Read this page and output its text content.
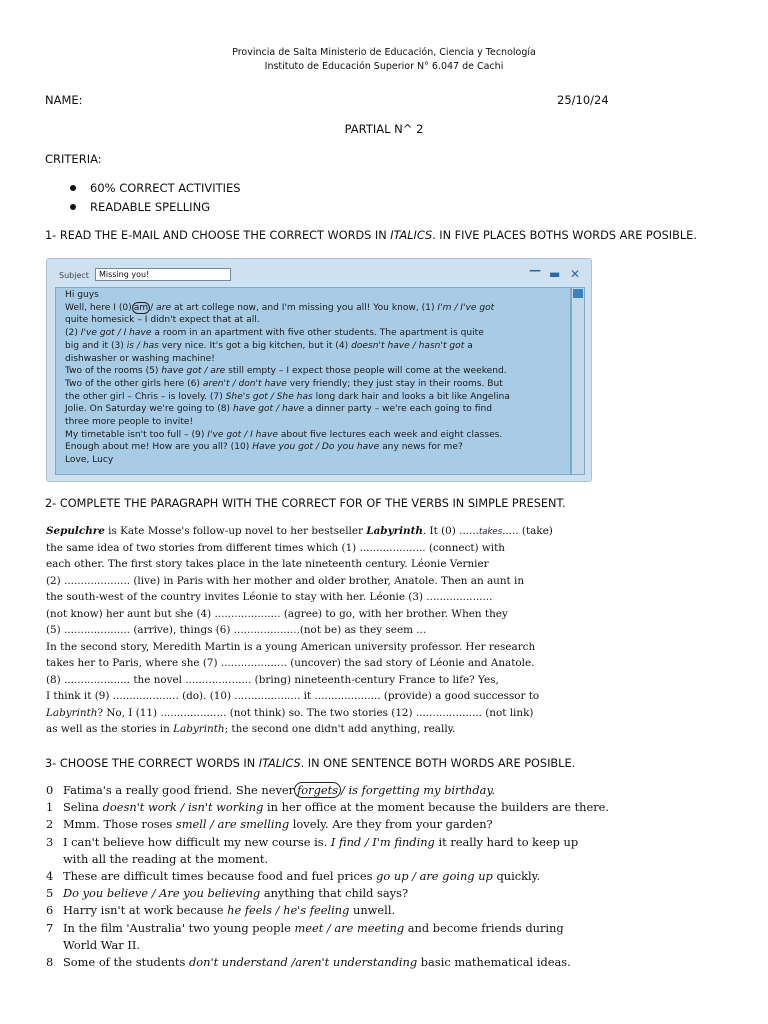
Provincia de Salta Ministerio de Educación, Ciencia y Tecnología
Instituto de Educación Superior N° 6.047 de Cachi
NAME:	25/10/24
PARTIAL N^ 2
CRITERIA:
60% CORRECT ACTIVITIES
READABLE SPELLING
1- READ THE E-MAIL AND CHOOSE THE CORRECT WORDS IN ITALICS. IN FIVE PLACES BOTHS WORDS ARE POSIBLE.
Subject	Missing you!	— ▬ ✕
Hi guys
Well, here I (0) am / are at art college now, and I'm missing you all! You know, (1) I'm / I've got
quite homesick – I didn't expect that at all.
(2) I've got / I have a room in an apartment with five other students. The apartment is quite
big and it (3) is / has very nice. It's got a big kitchen, but it (4) doesn't have / hasn't got a
dishwasher or washing machine!
Two of the rooms (5) have got / are still empty – I expect those people will come at the weekend.
Two of the other girls here (6) aren't / don't have very friendly; they just stay in their rooms. But
the other girl – Chris – is lovely. (7) She's got / She has long dark hair and looks a bit like Angelina
Jolie. On Saturday we're going to (8) have got / have a dinner party – we're each going to find
three more people to invite!
My timetable isn't too full – (9) I've got / I have about five lectures each week and eight classes.
Enough about me! How are you all? (10) Have you got / Do you have any news for me?
Love, Lucy
2- COMPLETE THE PARAGRAPH WITH THE CORRECT FOR OF THE VERBS IN SIMPLE PRESENT.
Sepulchre is Kate Mosse's follow-up novel to her bestseller Labyrinth. It (0) ......takes..... (take)
the same idea of two stories from different times which (1) .................... (connect) with
each other. The first story takes place in the late nineteenth century. Léonie Vernier
(2) .................... (live) in Paris with her mother and older brother, Anatole. Then an aunt in
the south-west of the country invites Léonie to stay with her. Léonie (3) ....................
(not know) her aunt but she (4) .................... (agree) to go, with her brother. When they
(5) .................... (arrive), things (6) ....................(not be) as they seem ...
In the second story, Meredith Martin is a young American university professor. Her research
takes her to Paris, where she (7) .................... (uncover) the sad story of Léonie and Anatole.
(8) .................... the novel .................... (bring) nineteenth-century France to life? Yes,
I think it (9) .................... (do). (10) .................... it .................... (provide) a good successor to
Labyrinth? No, I (11) .................... (not think) so. The two stories (12) .................... (not link)
as well as the stories in Labyrinth; the second one didn't add anything, really.
3- CHOOSE THE CORRECT WORDS IN ITALICS. IN ONE SENTENCE BOTH WORDS ARE POSIBLE.
0 Fatima's a really good friend. She never forgets / is forgetting my birthday.
1 Selina doesn't work / isn't working in her office at the moment because the builders are there.
2 Mmm. Those roses smell / are smelling lovely. Are they from your garden?
3 I can't believe how difficult my new course is. I find / I'm finding it really hard to keep up
with all the reading at the moment.
4 These are difficult times because food and fuel prices go up / are going up quickly.
5 Do you believe / Are you believing anything that child says?
6 Harry isn't at work because he feels / he's feeling unwell.
7 In the film 'Australia' two young people meet / are meeting and become friends during
World War II.
8 Some of the students don't understand /aren't understanding basic mathematical ideas.
